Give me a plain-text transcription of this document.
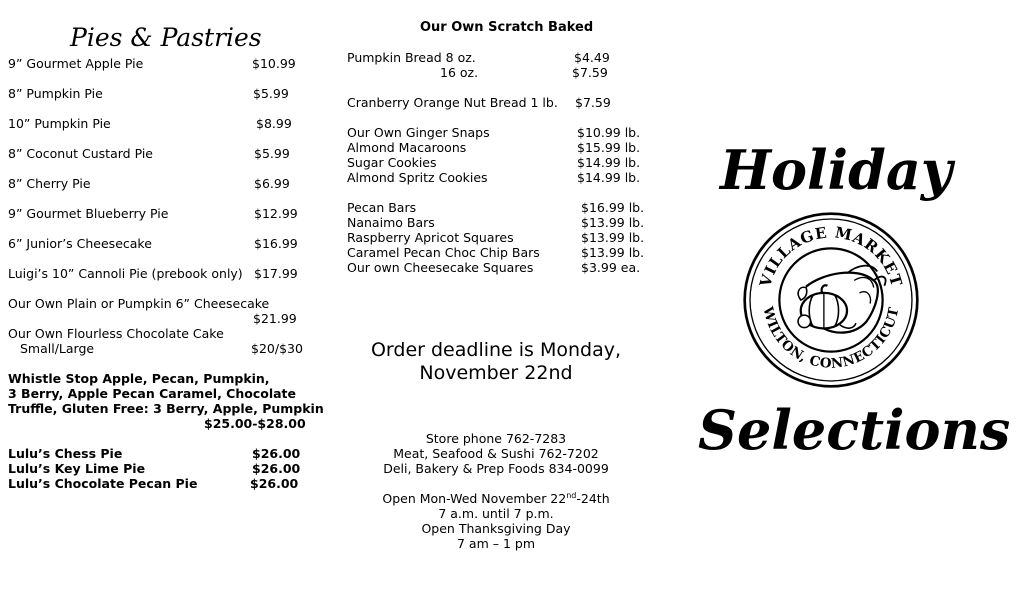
Pies & Pastries
9” Gourmet Apple Pie	$10.99
8” Pumpkin Pie	$5.99
10” Pumpkin Pie	$8.99
8” Coconut Custard Pie	$5.99
8” Cherry Pie	$6.99
9” Gourmet Blueberry Pie	$12.99
6” Junior’s Cheesecake	$16.99
Luigi’s 10” Cannoli Pie (prebook only) $17.99
Our Own Plain or Pumpkin 6” Cheesecake
$21.99
Our Own Flourless Chocolate Cake
Small/Large	$20/$30
Whistle Stop Apple, Pecan, Pumpkin,
3 Berry, Apple Pecan Caramel, Chocolate
Truffle, Gluten Free: 3 Berry, Apple, Pumpkin
$25.00-$28.00
Lulu’s Chess Pie	$26.00
Lulu’s Key Lime Pie	$26.00
Lulu’s Chocolate Pecan Pie	$26.00
Our Own Scratch Baked
Pumpkin Bread 8 oz.	$4.49
16 oz.	$7.59
Cranberry Orange Nut Bread 1 lb. $7.59
Our Own Ginger Snaps	$10.99 lb.
Almond Macaroons	$15.99 lb.
Sugar Cookies	$14.99 lb.
Almond Spritz Cookies	$14.99 lb.
Pecan Bars	$16.99 lb.
Nanaimo Bars	$13.99 lb.
Raspberry Apricot Squares	$13.99 lb.
Caramel Pecan Choc Chip Bars	$13.99 lb.
Our own Cheesecake Squares	$3.99 ea.
Order deadline is Monday,
November 22nd
Store phone 762-7283
Meat, Seafood & Sushi 762-7202
Deli, Bakery & Prep Foods 834-0099
Open Mon-Wed November 22nd-24th
7 a.m. until 7 p.m.
Open Thanksgiving Day
7 am – 1 pm
Holiday
VILLAGE MARKET
WILTON, CONNECTICUT
Selections
